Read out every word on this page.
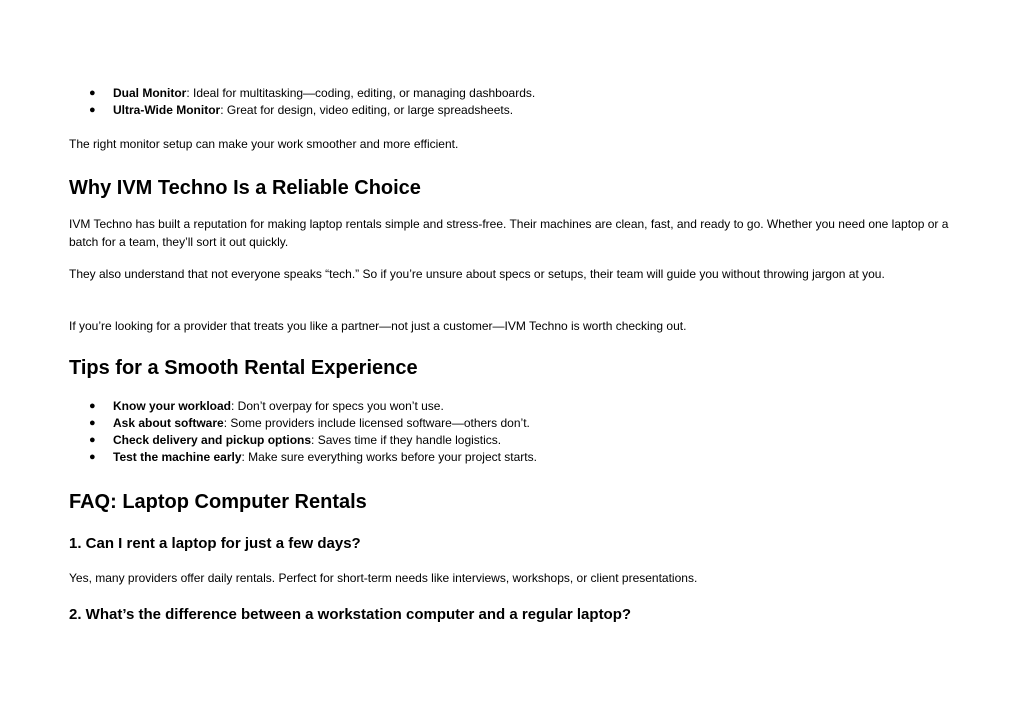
● Dual Monitor: Ideal for multitasking—coding, editing, or managing dashboards.
● Ultra-Wide Monitor: Great for design, video editing, or large spreadsheets.

The right monitor setup can make your work smoother and more efficient.

Why IVM Techno Is a Reliable Choice

IVM Techno has built a reputation for making laptop rentals simple and stress-free. Their machines are clean, fast, and ready to go. Whether you need one laptop or a batch for a team, they’ll sort it out quickly.

They also understand that not everyone speaks “tech.” So if you’re unsure about specs or setups, their team will guide you without throwing jargon at you.

If you’re looking for a provider that treats you like a partner—not just a customer—IVM Techno is worth checking out.

Tips for a Smooth Rental Experience
● Know your workload: Don’t overpay for specs you won’t use.
● Ask about software: Some providers include licensed software—others don’t.
● Check delivery and pickup options: Saves time if they handle logistics.
● Test the machine early: Make sure everything works before your project starts.
FAQ: Laptop Computer Rentals
1. Can I rent a laptop for just a few days?

Yes, many providers offer daily rentals. Perfect for short-term needs like interviews, workshops, or client presentations.

2. What’s the difference between a workstation computer and a regular laptop?
